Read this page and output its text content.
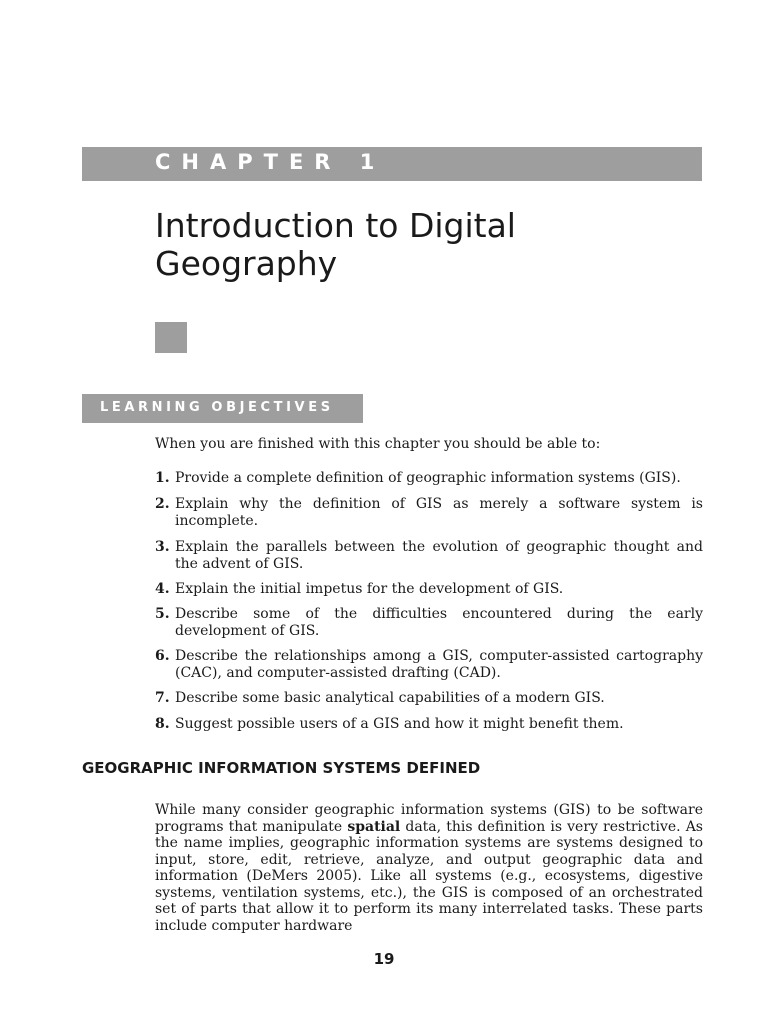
CHAPTER 1
Introduction to Digital Geography
LEARNING OBJECTIVES

When you are finished with this chapter you should be able to:

1. Provide a complete definition of geographic information systems (GIS).
2. Explain why the definition of GIS as merely a software system is incomplete.
3. Explain the parallels between the evolution of geographic thought and the advent of GIS.
4. Explain the initial impetus for the development of GIS.
5. Describe some of the difficulties encountered during the early development of GIS.
6. Describe the relationships among a GIS, computer-assisted cartography (CAC), and computer-assisted drafting (CAD).
7. Describe some basic analytical capabilities of a modern GIS.
8. Suggest possible users of a GIS and how it might benefit them.
GEOGRAPHIC INFORMATION SYSTEMS DEFINED

While many consider geographic information systems (GIS) to be software programs that manipulate spatial data, this definition is very restrictive. As the name implies, geographic information systems are systems designed to input, store, edit, retrieve, analyze, and output geographic data and information (DeMers 2005). Like all systems (e.g., ecosystems, digestive systems, ventilation systems, etc.), the GIS is composed of an orchestrated set of parts that allow it to perform its many interrelated tasks. These parts include computer hardware

19
